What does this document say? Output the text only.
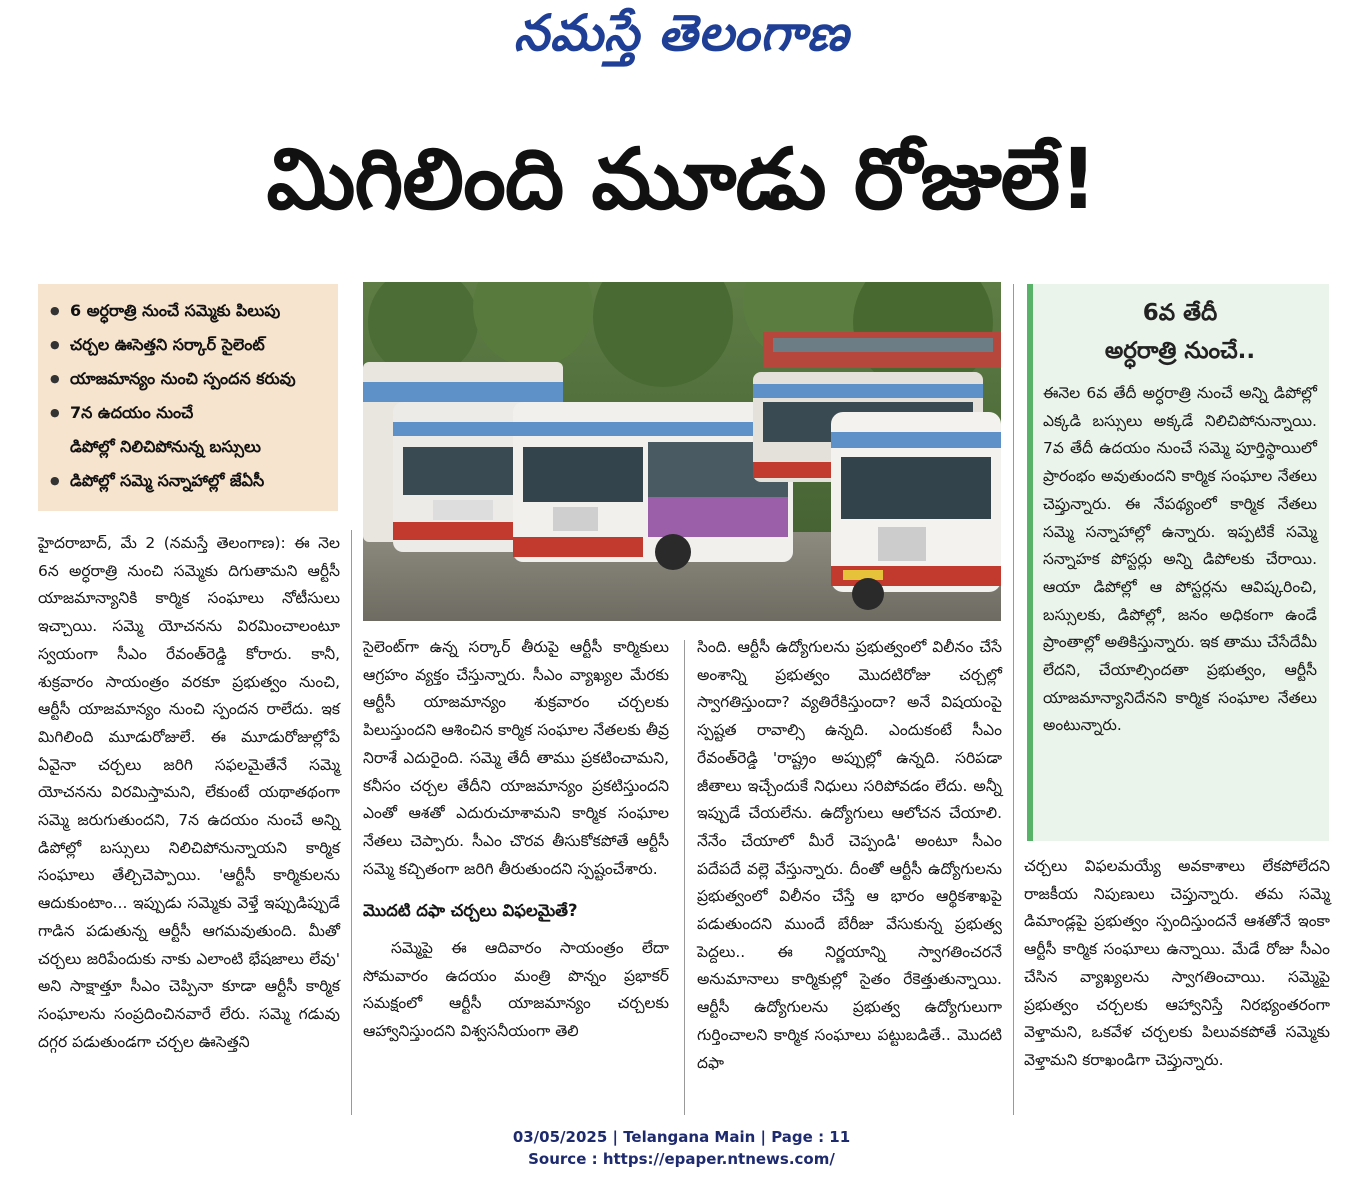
నమస్తే తెలంగాణ
మిగిలింది మూడు రోజులే!
● 6 అర్ధరాత్రి నుంచే సమ్మెకు పిలుపు
● చర్చల ఊసెత్తని సర్కార్ సైలెంట్
● యాజమాన్యం నుంచి స్పందన కరువు
● 7న ఉదయం నుంచే
డిపోల్లో నిలిచిపోనున్న బస్సులు
● డిపోల్లో సమ్మె సన్నాహాల్లో జేఏసీ

హైదరాబాద్, మే 2 (నమస్తే తెలంగాణ): ఈ నెల 6న అర్ధరాత్రి నుంచి సమ్మెకు దిగుతామని ఆర్టీసీ యాజమాన్యానికి కార్మిక సంఘాలు నోటీసులు ఇచ్చాయి. సమ్మె యోచనను విరమించాలంటూ స్వయంగా సీఎం రేవంత్‌రెడ్డి కోరారు. కానీ, శుక్రవారం సాయంత్రం వరకూ ప్రభుత్వం నుంచి, ఆర్టీసీ యాజమాన్యం నుంచి స్పందన రాలేదు. ఇక మిగిలింది మూడురోజులే. ఈ మూడురోజుల్లోపే ఏవైనా చర్చలు జరిగి సఫలమైతేనే సమ్మె యోచనను విరమిస్తామని, లేకుంటే యథాతథంగా సమ్మె జరుగుతుందని, 7న ఉదయం నుంచే అన్ని డిపోల్లో బస్సులు నిలిచిపోనున్నాయని కార్మిక సంఘాలు తేల్చిచెప్పాయి. 'ఆర్టీసీ కార్మికులను ఆదుకుంటాం... ఇప్పుడు సమ్మెకు వెళ్తే ఇప్పుడిప్పుడే గాడిన పడుతున్న ఆర్టీసీ ఆగమవుతుంది. మీతో చర్చలు జరిపేందుకు నాకు ఎలాంటి భేషజాలు లేవు' అని సాక్షాత్తూ సీఎం చెప్పినా కూడా ఆర్టీసీ కార్మిక సంఘాలను సంప్రదించినవారే లేరు. సమ్మె గడువు దగ్గర పడుతుండగా చర్చల ఊసెత్తని

సైలెంట్‌గా ఉన్న సర్కార్ తీరుపై ఆర్టీసీ కార్మికులు ఆగ్రహం వ్యక్తం చేస్తున్నారు. సీఎం వ్యాఖ్యల మేరకు ఆర్టీసీ యాజమాన్యం శుక్రవారం చర్చలకు పిలుస్తుందని ఆశించిన కార్మిక సంఘాల నేతలకు తీవ్ర నిరాశే ఎదురైంది. సమ్మె తేదీ తాము ప్రకటించామని, కనీసం చర్చల తేదీని యాజమాన్యం ప్రకటిస్తుందని ఎంతో ఆశతో ఎదురుచూశామని కార్మిక సంఘాల నేతలు చెప్పారు. సీఎం చొరవ తీసుకోకపోతే ఆర్టీసీ సమ్మె కచ్చితంగా జరిగి తీరుతుందని స్పష్టంచేశారు.

మొదటి దఫా చర్చలు విఫలమైతే?

సమ్మెపై ఈ ఆదివారం సాయంత్రం లేదా సోమవారం ఉదయం మంత్రి పొన్నం ప్రభాకర్ సమక్షంలో ఆర్టీసీ యాజమాన్యం చర్చలకు ఆహ్వానిస్తుందని విశ్వసనీయంగా తెలి

సింది. ఆర్టీసీ ఉద్యోగులను ప్రభుత్వంలో విలీనం చేసే అంశాన్ని ప్రభుత్వం మొదటిరోజు చర్చల్లో స్వాగతిస్తుందా? వ్యతిరేకిస్తుందా? అనే విషయంపై స్పష్టత రావాల్సి ఉన్నది. ఎందుకంటే సీఎం రేవంత్‌రెడ్డి 'రాష్ట్రం అప్పుల్లో ఉన్నది. సరిపడా జీతాలు ఇచ్చేందుకే నిధులు సరిపోవడం లేదు. అన్నీ ఇప్పుడే చేయలేను. ఉద్యోగులు ఆలోచన చేయాలి. నేనేం చేయాలో మీరే చెప్పండి' అంటూ సీఎం పదేపదే వల్లె వేస్తున్నారు. దీంతో ఆర్టీసీ ఉద్యోగులను ప్రభుత్వంలో విలీనం చేస్తే ఆ భారం ఆర్థికశాఖపై పడుతుందని ముందే బేరీజు వేసుకున్న ప్రభుత్వ పెద్దలు.. ఈ నిర్ణయాన్ని స్వాగతించరనే అనుమానాలు కార్మికుల్లో సైతం రేకెత్తుతున్నాయి. ఆర్టీసీ ఉద్యోగులను ప్రభుత్వ ఉద్యోగులుగా గుర్తించాలని కార్మిక సంఘాలు పట్టుబడితే.. మొదటి దఫా

6వ తేదీ
అర్ధరాత్రి నుంచే..
ఈనెల 6వ తేదీ అర్ధరాత్రి నుంచే అన్ని డిపోల్లో ఎక్కడి బస్సులు అక్కడే నిలిచిపోనున్నాయి. 7వ తేదీ ఉదయం నుంచే సమ్మె పూర్తిస్థాయిలో ప్రారంభం అవుతుందని కార్మిక సంఘాల నేతలు చెప్తున్నారు. ఈ నేపథ్యంలో కార్మిక నేతలు సమ్మె సన్నాహాల్లో ఉన్నారు. ఇప్పటికే సమ్మె సన్నాహక పోస్టర్లు అన్ని డిపోలకు చేరాయి. ఆయా డిపోల్లో ఆ పోస్టర్లను ఆవిష్కరించి, బస్సులకు, డిపోల్లో, జనం అధికంగా ఉండే ప్రాంతాల్లో అతికిస్తున్నారు. ఇక తాము చేసేదేమీ లేదని, చేయాల్సిందతా ప్రభుత్వం, ఆర్టీసీ యాజమాన్యానిదేనని కార్మిక సంఘాల నేతలు అంటున్నారు.

చర్చలు విఫలమయ్యే అవకాశాలు లేకపోలేదని రాజకీయ నిపుణులు చెప్తున్నారు. తమ సమ్మె డిమాండ్లపై ప్రభుత్వం స్పందిస్తుందనే ఆశతోనే ఇంకా ఆర్టీసీ కార్మిక సంఘాలు ఉన్నాయి. మేడే రోజు సీఎం చేసిన వ్యాఖ్యలను స్వాగతించాయి. సమ్మెపై ప్రభుత్వం చర్చలకు ఆహ్వానిస్తే నిరభ్యంతరంగా వెళ్తామని, ఒకవేళ చర్చలకు పిలువకపోతే సమ్మెకు వెళ్తామని కరాఖండిగా చెప్తున్నారు.

03/05/2025 | Telangana Main | Page : 11
Source : https://epaper.ntnews.com/
